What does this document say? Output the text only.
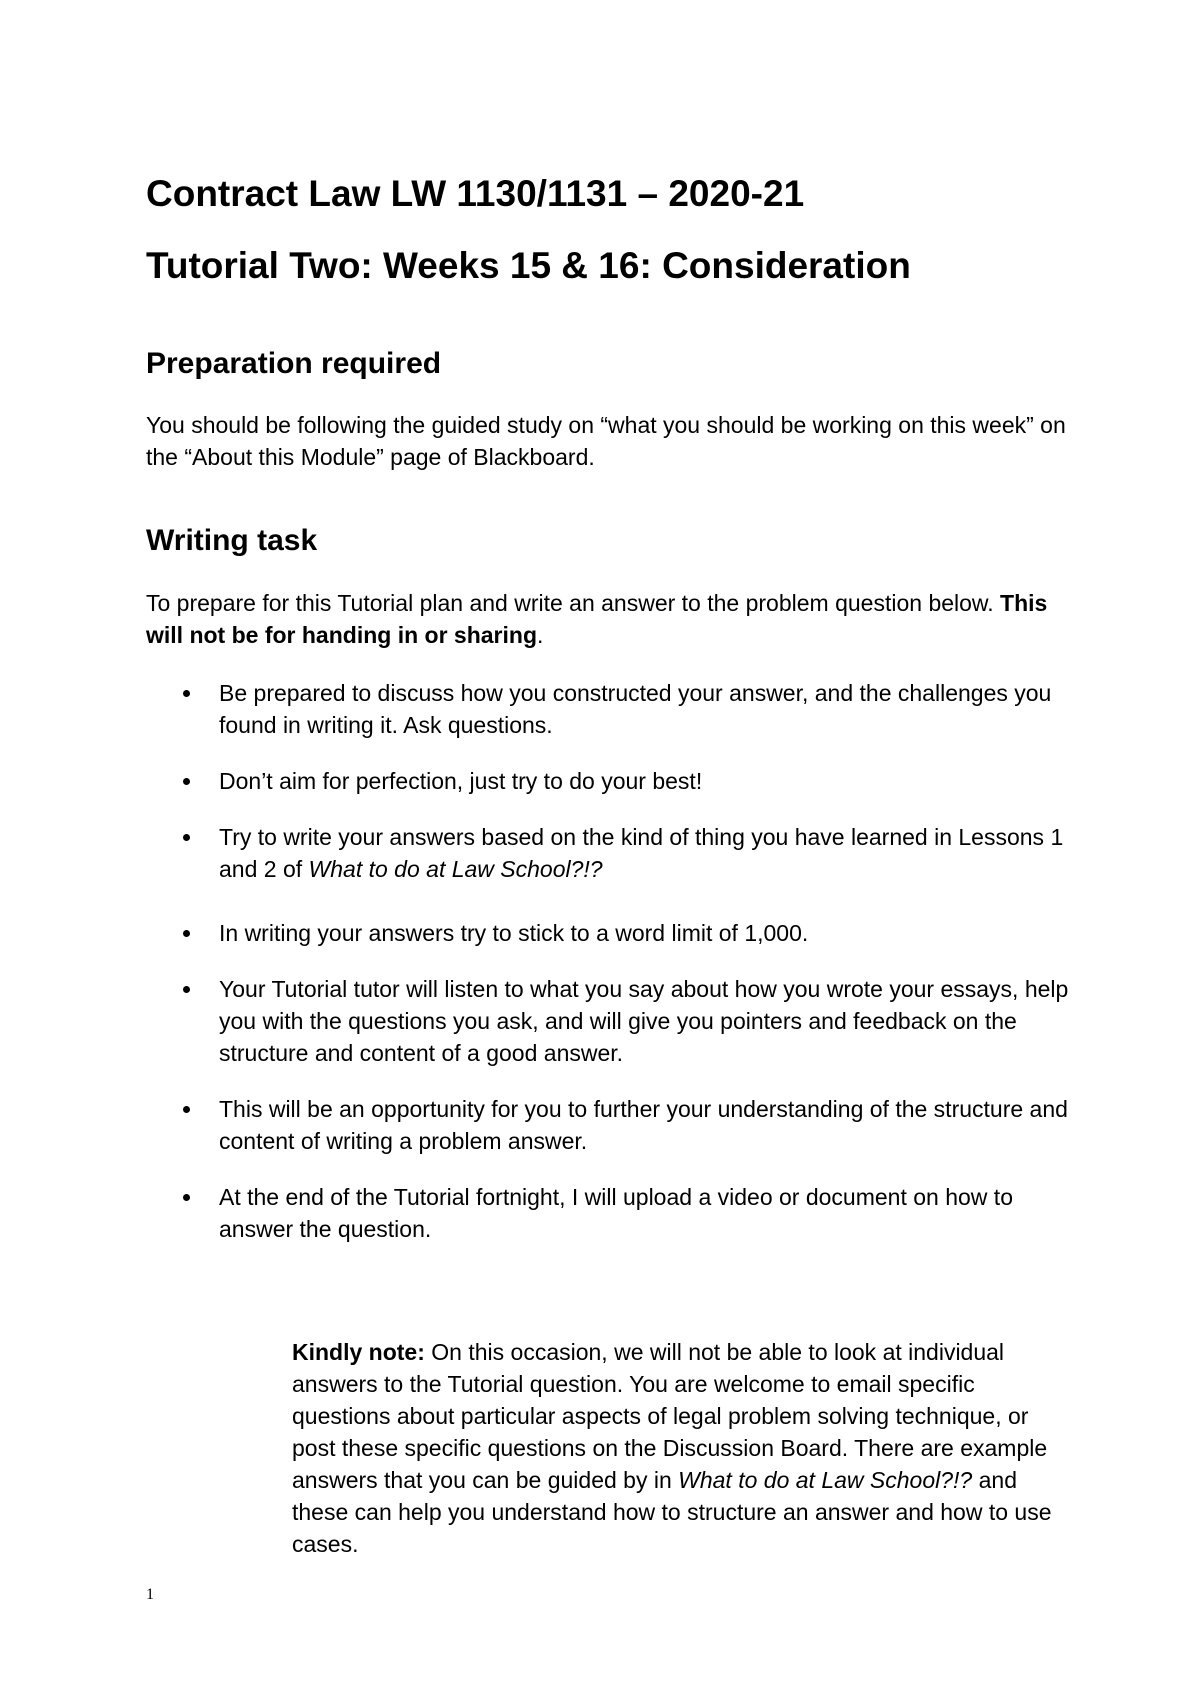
Contract Law LW 1130/1131 – 2020-21
Tutorial Two: Weeks 15 & 16: Consideration
Preparation required

You should be following the guided study on “what you should be working on this week” on the “About this Module” page of Blackboard.

Writing task

To prepare for this Tutorial plan and write an answer to the problem question below. This will not be for handing in or sharing.

Be prepared to discuss how you constructed your answer, and the challenges you found in writing it. Ask questions.
Don’t aim for perfection, just try to do your best!
Try to write your answers based on the kind of thing you have learned in Lessons 1 and 2 of What to do at Law School?!?
In writing your answers try to stick to a word limit of 1,000.
Your Tutorial tutor will listen to what you say about how you wrote your essays, help you with the questions you ask, and will give you pointers and feedback on the structure and content of a good answer.
This will be an opportunity for you to further your understanding of the structure and content of writing a problem answer.
At the end of the Tutorial fortnight, I will upload a video or document on how to answer the question.

Kindly note: On this occasion, we will not be able to look at individual answers to the Tutorial question. You are welcome to email specific questions about particular aspects of legal problem solving technique, or post these specific questions on the Discussion Board. There are example answers that you can be guided by in What to do at Law School?!? and these can help you understand how to structure an answer and how to use cases.

1
